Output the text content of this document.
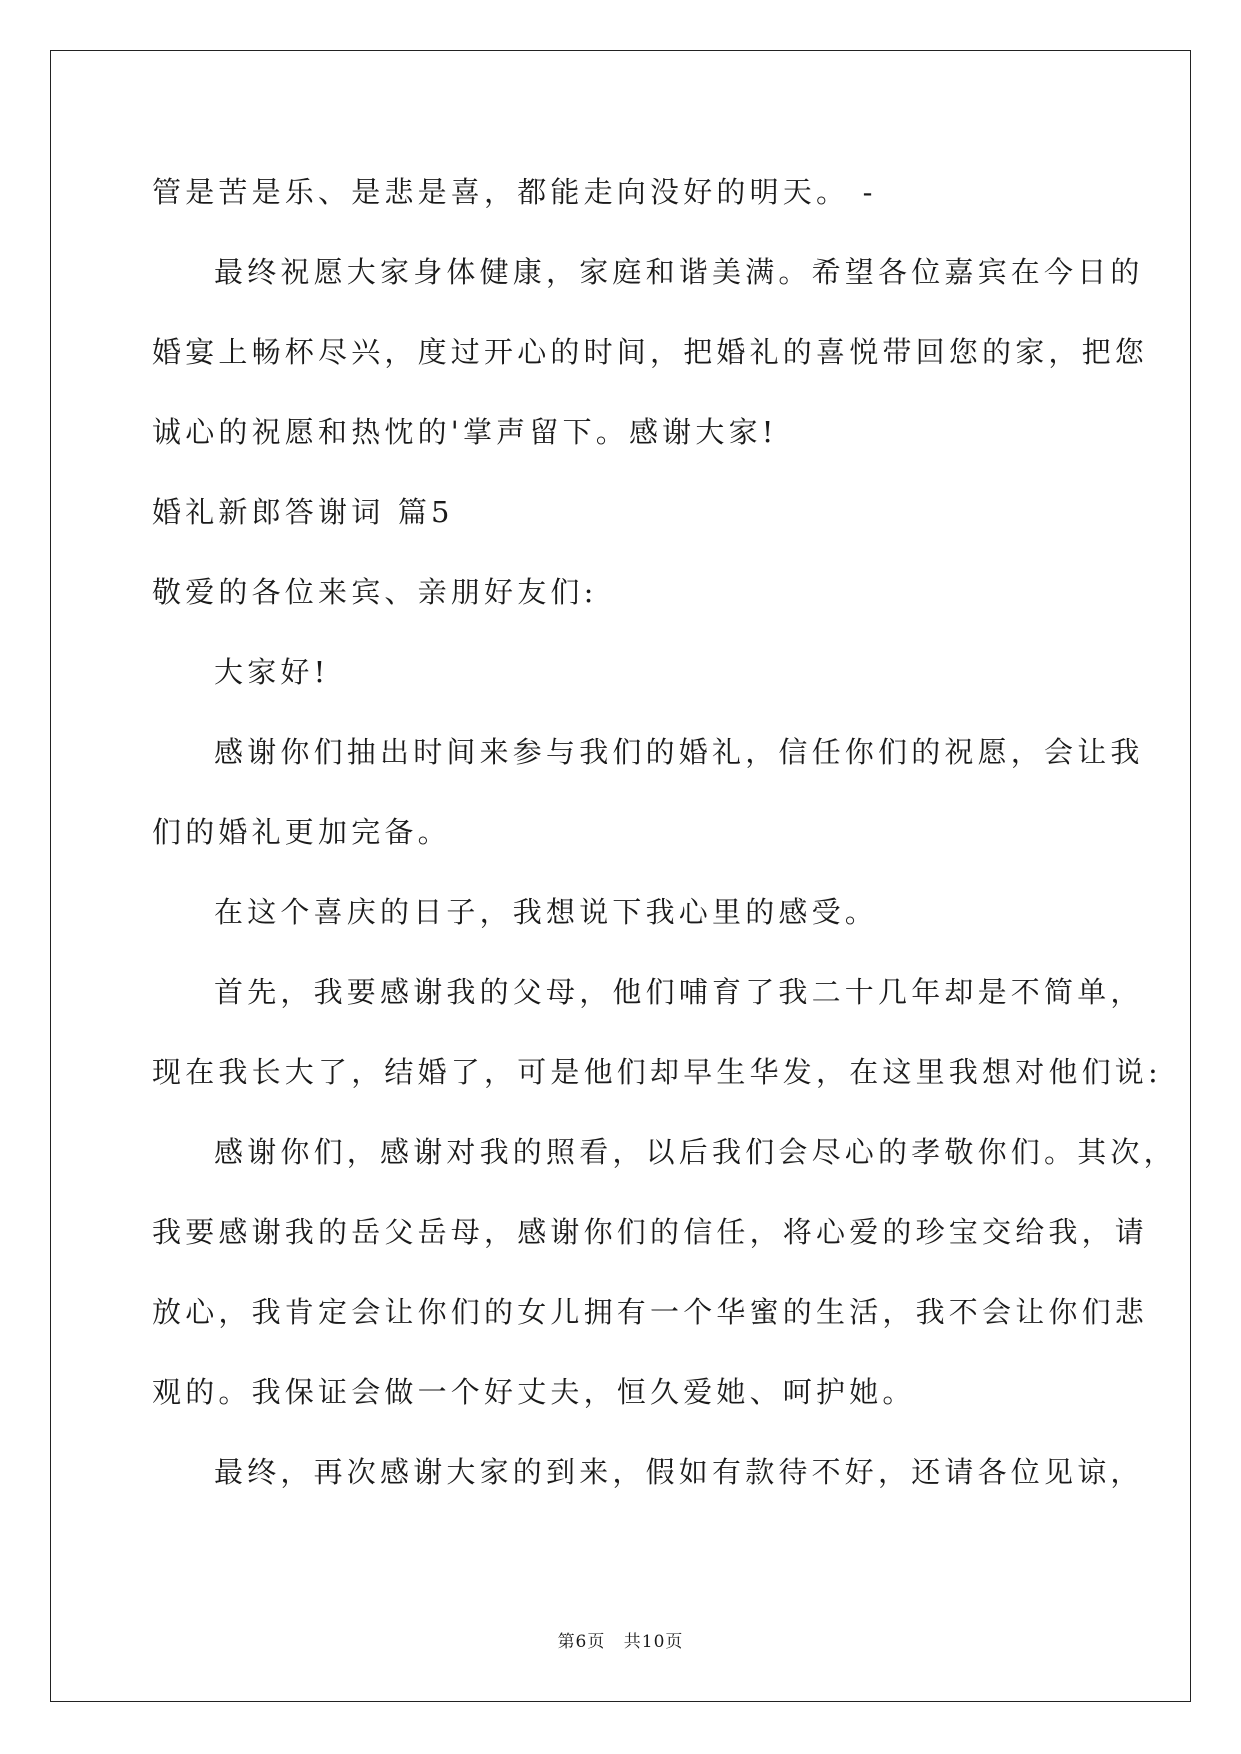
管是苦是乐、是悲是喜，都能走向没好的明天。 -
最终祝愿大家身体健康，家庭和谐美满。希望各位嘉宾在今日的
婚宴上畅杯尽兴，度过开心的时间，把婚礼的喜悦带回您的家，把您
诚心的祝愿和热忱的'掌声留下。感谢大家!
婚礼新郎答谢词 篇5
敬爱的各位来宾、亲朋好友们:
大家好!
感谢你们抽出时间来参与我们的婚礼，信任你们的祝愿，会让我
们的婚礼更加完备。
在这个喜庆的日子，我想说下我心里的感受。
首先，我要感谢我的父母，他们哺育了我二十几年却是不简单，
现在我长大了，结婚了，可是他们却早生华发，在这里我想对他们说:
感谢你们，感谢对我的照看，以后我们会尽心的孝敬你们。其次，
我要感谢我的岳父岳母，感谢你们的信任，将心爱的珍宝交给我，请
放心，我肯定会让你们的女儿拥有一个华蜜的生活，我不会让你们悲
观的。我保证会做一个好丈夫，恒久爱她、呵护她。
最终，再次感谢大家的到来，假如有款待不好，还请各位见谅，
第6页 共10页
